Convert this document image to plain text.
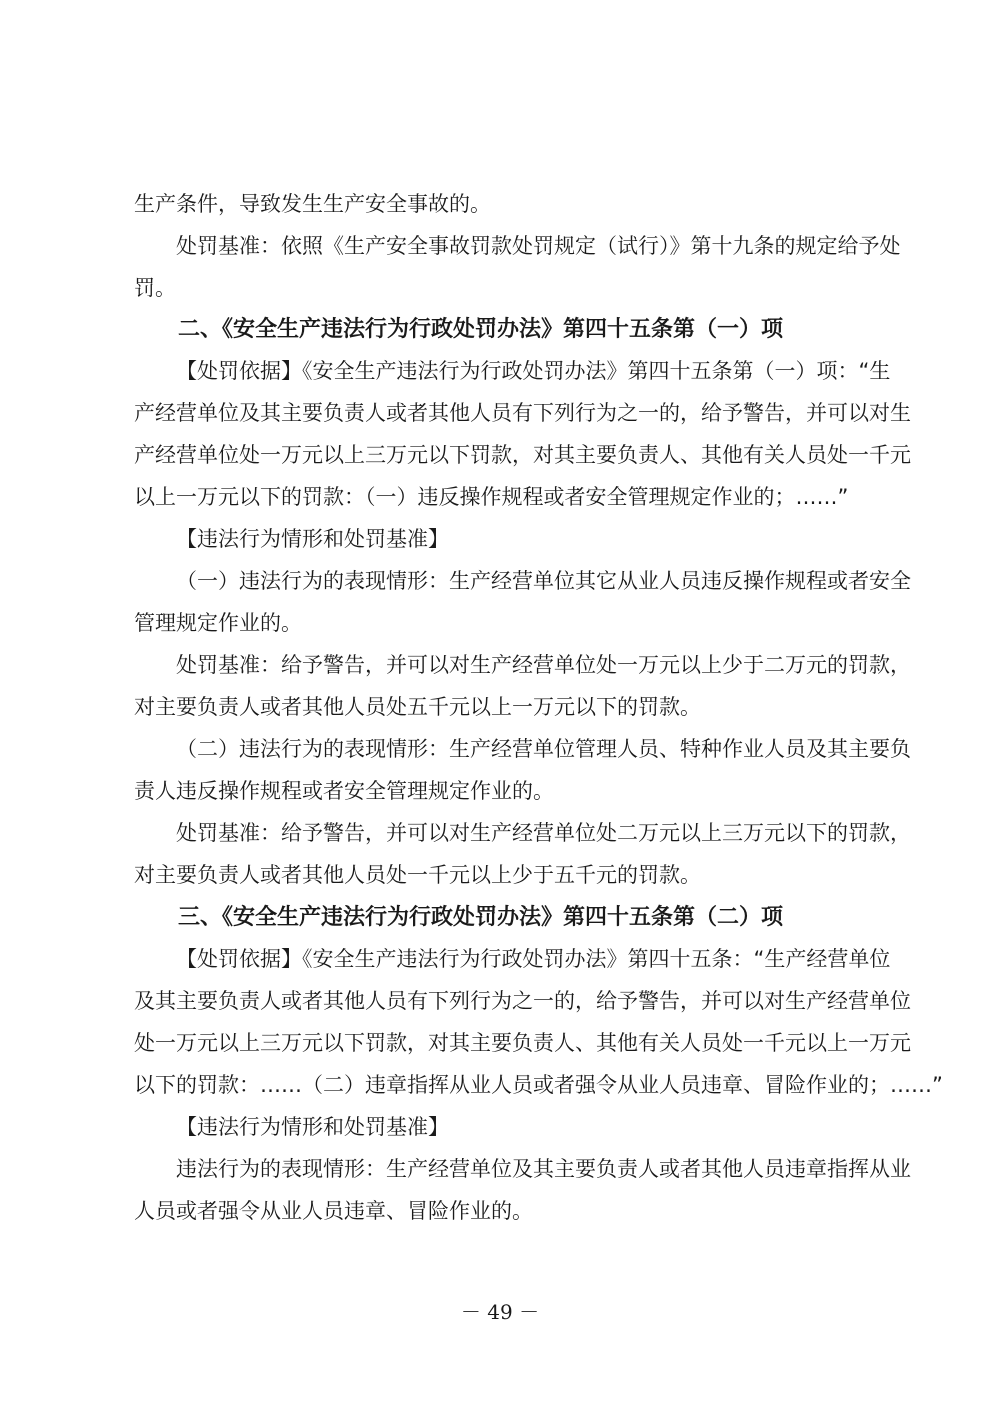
生产条件，导致发生生产安全事故的。
处罚基准：依照《生产安全事故罚款处罚规定（试行）》第十九条的规定给予处
罚。
二、《安全生产违法行为行政处罚办法》第四十五条第（一）项
【处罚依据】《安全生产违法行为行政处罚办法》第四十五条第（一）项：“生
产经营单位及其主要负责人或者其他人员有下列行为之一的，给予警告，并可以对生
产经营单位处一万元以上三万元以下罚款，对其主要负责人、其他有关人员处一千元
以上一万元以下的罚款：（一）违反操作规程或者安全管理规定作业的；……”
【违法行为情形和处罚基准】
（一）违法行为的表现情形：生产经营单位其它从业人员违反操作规程或者安全
管理规定作业的。
处罚基准：给予警告，并可以对生产经营单位处一万元以上少于二万元的罚款，
对主要负责人或者其他人员处五千元以上一万元以下的罚款。
（二）违法行为的表现情形：生产经营单位管理人员、特种作业人员及其主要负
责人违反操作规程或者安全管理规定作业的。
处罚基准：给予警告，并可以对生产经营单位处二万元以上三万元以下的罚款，
对主要负责人或者其他人员处一千元以上少于五千元的罚款。
三、《安全生产违法行为行政处罚办法》第四十五条第（二）项
【处罚依据】《安全生产违法行为行政处罚办法》第四十五条：“生产经营单位
及其主要负责人或者其他人员有下列行为之一的，给予警告，并可以对生产经营单位
处一万元以上三万元以下罚款，对其主要负责人、其他有关人员处一千元以上一万元
以下的罚款：……（二）违章指挥从业人员或者强令从业人员违章、冒险作业的；……”
【违法行为情形和处罚基准】
违法行为的表现情形：生产经营单位及其主要负责人或者其他人员违章指挥从业
人员或者强令从业人员违章、冒险作业的。
－ 49 －
